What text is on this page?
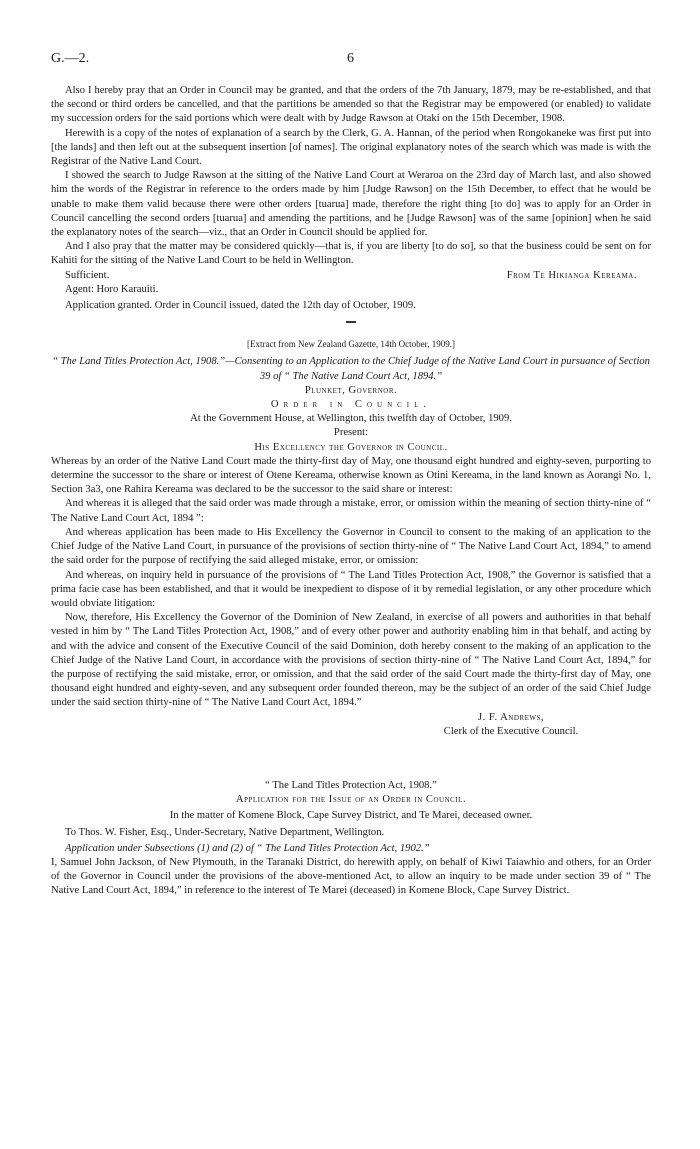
G.—2.	6

Also I hereby pray that an Order in Council may be granted, and that the orders of the 7th January, 1879, may be re-established, and that the second or third orders be cancelled, and that the partitions be amended so that the Registrar may be empowered (or enabled) to validate my succession orders for the said portions which were dealt with by Judge Rawson at Otaki on the 15th December, 1908.

Herewith is a copy of the notes of explanation of a search by the Clerk, G. A. Hannan, of the period when Rongokaneke was first put into [the lands] and then left out at the subsequent insertion [of names]. The original explanatory notes of the search which was made is with the Registrar of the Native Land Court.

I showed the search to Judge Rawson at the sitting of the Native Land Court at Weraroa on the 23rd day of March last, and also showed him the words of the Registrar in reference to the orders made by him [Judge Rawson] on the 15th December, to effect that he would be unable to make them valid because there were other orders [tuarua] made, therefore the right thing [to do] was to apply for an Order in Council cancelling the second orders [tuarua] and amending the partitions, and he [Judge Rawson] was of the same [opinion] when he said the explanatory notes of the search—viz., that an Order in Council should be applied for.

And I also pray that the matter may be considered quickly—that is, if you are liberty [to do so], so that the business could be sent on for Kahiti for the sitting of the Native Land Court to be held in Wellington.

Sufficient.	From Te Hikianga Kereama.

Agent: Horo Karauiti.

Application granted. Order in Council issued, dated the 12th day of October, 1909.

[Extract from New Zealand Gazette, 14th October, 1909.]

“ The Land Titles Protection Act, 1908.”—Consenting to an Application to the Chief Judge of the Native Land Court in pursuance of Section 39 of “ The Native Land Court Act, 1894.”

Plunket, Governor.

Order in Council.

At the Government House, at Wellington, this twelfth day of October, 1909.

Present:

His Excellency the Governor in Council.

Whereas by an order of the Native Land Court made the thirty-first day of May, one thousand eight hundred and eighty-seven, purporting to determine the successor to the share or interest of Otene Kereama, otherwise known as Otini Kereama, in the land known as Aorangi No. 1, Section 3a3, one Rahira Kereama was declared to be the successor to the said share or interest:

And whereas it is alleged that the said order was made through a mistake, error, or omission within the meaning of section thirty-nine of “ The Native Land Court Act, 1894 ”:

And whereas application has been made to His Excellency the Governor in Council to consent to the making of an application to the Chief Judge of the Native Land Court, in pursuance of the provisions of section thirty-nine of “ The Native Land Court Act, 1894,” to amend the said order for the purpose of rectifying the said alleged mistake, error, or omission:

And whereas, on inquiry held in pursuance of the provisions of “ The Land Titles Protection Act, 1908,” the Governor is satisfied that a prima facie case has been established, and that it would be inexpedient to dispose of it by remedial legislation, or any other procedure which would obviate litigation:

Now, therefore, His Excellency the Governor of the Dominion of New Zealand, in exercise of all powers and authorities in that behalf vested in him by “ The Land Titles Protection Act, 1908,” and of every other power and authority enabling him in that behalf, and acting by and with the advice and consent of the Executive Council of the said Dominion, doth hereby consent to the making of an application to the Chief Judge of the Native Land Court, in accordance with the provisions of section thirty-nine of “ The Native Land Court Act, 1894,” for the purpose of rectifying the said mistake, error, or omission, and that the said order of the said Court made the thirty-first day of May, one thousand eight hundred and eighty-seven, and any subsequent order founded thereon, may be the subject of an order of the said Chief Judge under the said section thirty-nine of “ The Native Land Court Act, 1894.”

J. F. Andrews,
Clerk of the Executive Council.

“ The Land Titles Protection Act, 1908.”

Application for the Issue of an Order in Council.

In the matter of Komene Block, Cape Survey District, and Te Marei, deceased owner.

To Thos. W. Fisher, Esq., Under-Secretary, Native Department, Wellington.

Application under Subsections (1) and (2) of “ The Land Titles Protection Act, 1902.”

I, Samuel John Jackson, of New Plymouth, in the Taranaki District, do herewith apply, on behalf of Kiwi Taiawhio and others, for an Order of the Governor in Council under the provisions of the above-mentioned Act, to allow an inquiry to be made under section 39 of “ The Native Land Court Act, 1894,” in reference to the interest of Te Marei (deceased) in Komene Block, Cape Survey District.
